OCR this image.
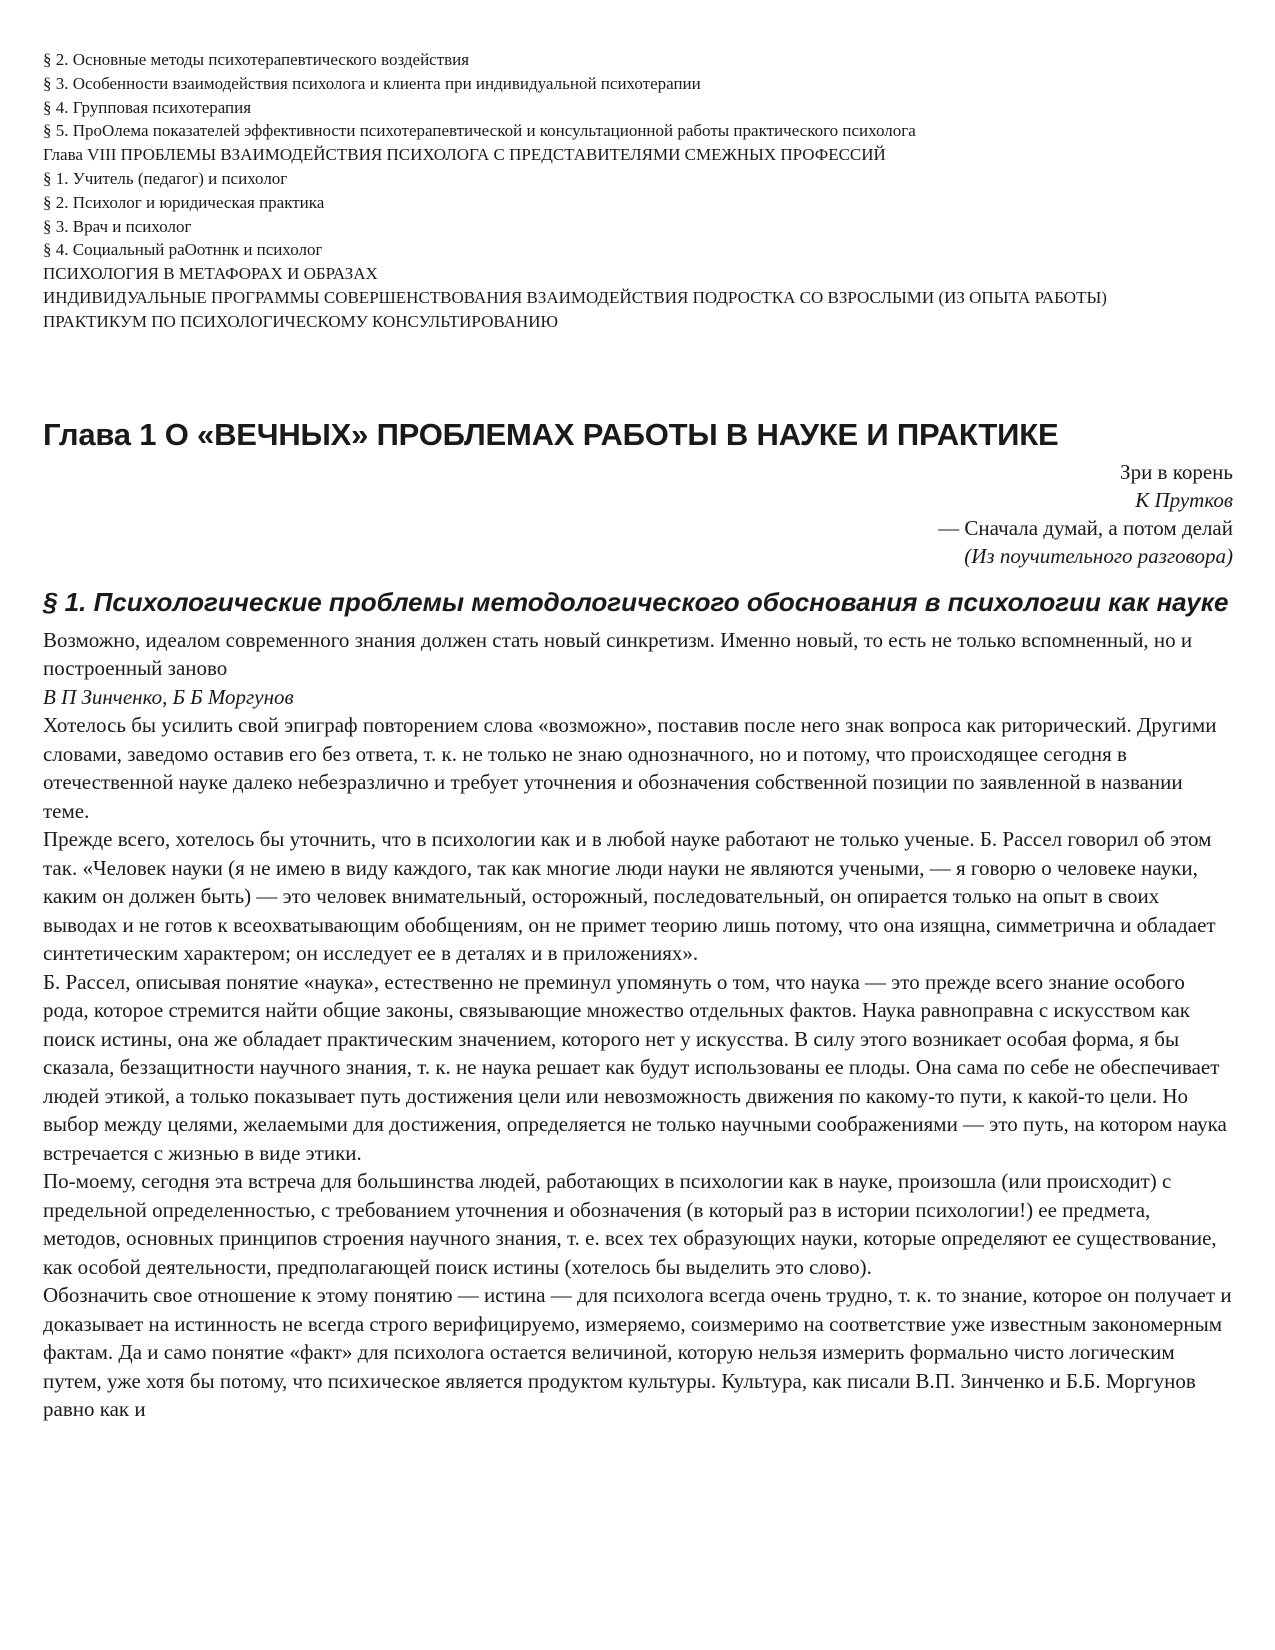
§ 2. Основные методы психотерапевтического воздействия
§ 3. Особенности взаимодействия психолога и клиента при индивидуальной психотерапии
§ 4. Групповая психотерапия
§ 5. ПроОлема показателей эффективности психотерапевтической и консультационной работы практического психолога
Глава VIII ПРОБЛЕМЫ ВЗАИМОДЕЙСТВИЯ ПСИХОЛОГА С ПРЕДСТАВИТЕЛЯМИ СМЕЖНЫХ ПРОФЕССИЙ
§ 1. Учитель (педагог) и психолог
§ 2. Психолог и юридическая практика
§ 3. Врач и психолог
§ 4. Социальный раОотннк и психолог
ПСИХОЛОГИЯ В МЕТАФОРАХ И ОБРАЗАХ
ИНДИВИДУАЛЬНЫЕ ПРОГРАММЫ СОВЕРШЕНСТВОВАНИЯ ВЗАИМОДЕЙСТВИЯ ПОДРОСТКА СО ВЗРОСЛЫМИ (ИЗ ОПЫТА РАБОТЫ)
ПРАКТИКУМ ПО ПСИХОЛОГИЧЕСКОМУ КОНСУЛЬТИРОВАНИЮ
Глава 1 О «ВЕЧНЫХ» ПРОБЛЕМАХ РАБОТЫ В НАУКЕ И ПРАКТИКЕ
Зри в корень
К Прутков
— Сначала думай, а потом делай
(Из поучительного разговора)
§ 1. Психологические проблемы методологического обоснования в психологии как науке

Возможно, идеалом современного знания должен стать новый синкретизм. Именно новый, то есть не только вспомненный, но и построенный заново

В П Зинченко, Б Б Моргунов

Хотелось бы усилить свой эпиграф повторением слова «возможно», поставив после него знак вопроса как риторический. Другими словами, заведомо оставив его без ответа, т. к. не только не знаю однозначного, но и потому, что происходящее сегодня в отечественной науке далеко небезразлично и требует уточнения и обозначения собственной позиции по заявленной в названии теме.

Прежде всего, хотелось бы уточнить, что в психологии как и в любой науке работают не только ученые. Б. Рассел говорил об этом так. «Человек науки (я не имею в виду каждого, так как многие люди науки не являются учеными, — я говорю о человеке науки, каким он должен быть) — это человек внимательный, осторожный, последовательный, он опирается только на опыт в своих выводах и не готов к всеохватывающим обобщениям, он не примет теорию лишь потому, что она изящна, симметрична и обладает синтетическим характером; он исследует ее в деталях и в приложениях».

Б. Рассел, описывая понятие «наука», естественно не преминул упомянуть о том, что наука — это прежде всего знание особого рода, которое стремится найти общие законы, связывающие множество отдельных фактов. Наука равноправна с искусством как поиск истины, она же обладает практическим значением, которого нет у искусства. В силу этого возникает особая форма, я бы сказала, беззащитности научного знания, т. к. не наука решает как будут использованы ее плоды. Она сама по себе не обеспечивает людей этикой, а только показывает путь достижения цели или невозможность движения по какому-то пути, к какой-то цели. Но выбор между целями, желаемыми для достижения, определяется не только научными соображениями — это путь, на котором наука встречается с жизнью в виде этики.

По-моему, сегодня эта встреча для большинства людей, работающих в психологии как в науке, произошла (или происходит) с предельной определенностью, с требованием уточнения и обозначения (в который раз в истории психологии!) ее предмета, методов, основных принципов строения научного знания, т. е. всех тех образующих науки, которые определяют ее существование, как особой деятельности, предполагающей поиск истины (хотелось бы выделить это слово).

Обозначить свое отношение к этому понятию — истина — для психолога всегда очень трудно, т. к. то знание, которое он получает и доказывает на истинность не всегда строго верифицируемо, измеряемо, соизмеримо на соответствие уже известным закономерным фактам. Да и само понятие «факт» для психолога остается величиной, которую нельзя измерить формально чисто логическим путем, уже хотя бы потому, что психическое является продуктом культуры. Культура, как писали В.П. Зинченко и Б.Б. Моргунов равно как и
